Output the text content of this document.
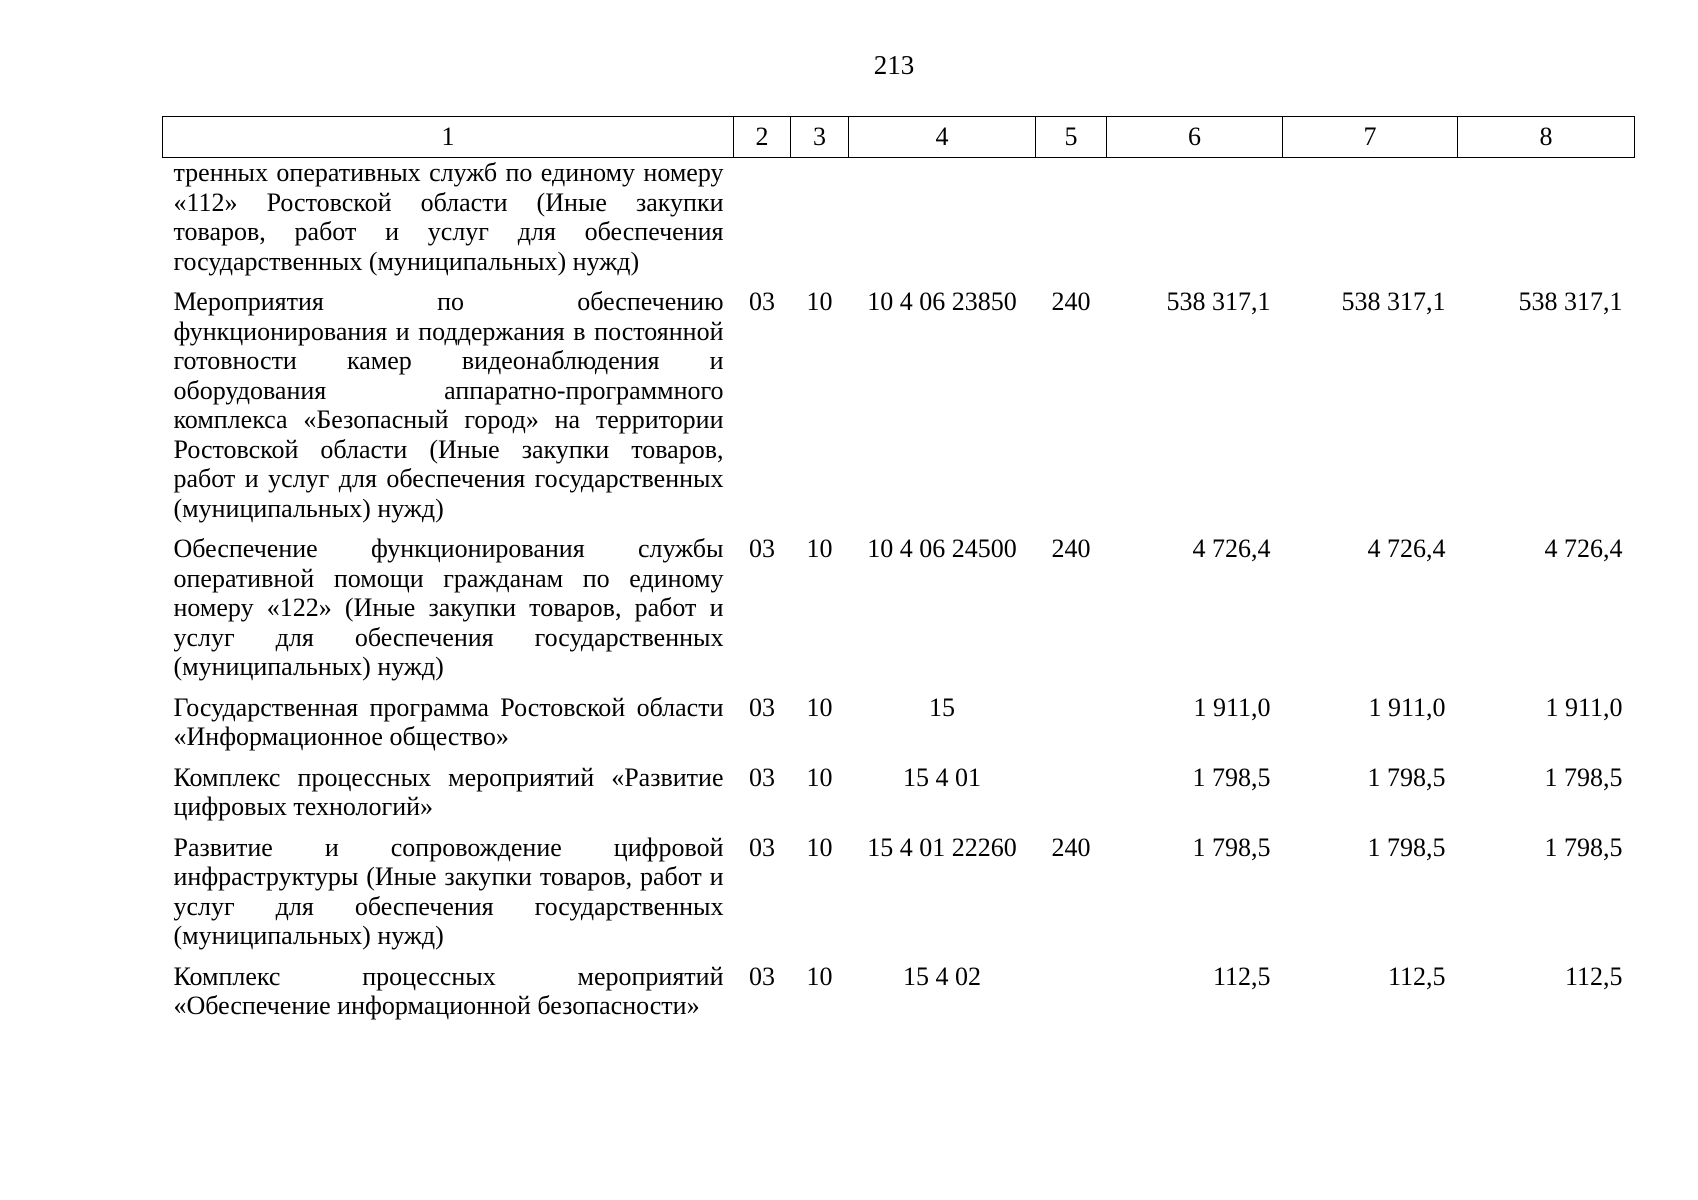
213
1	2	3	4	5	6	7	8
тренных оперативных служб по единому номеру «112» Ростовской области (Иные закупки товаров, работ и услуг для обеспечения государственных (муниципальных) нужд)							
Мероприятия по обеспечению функционирования и поддержания в постоянной готовности камер видеонаблюдения и оборудования аппаратно-программного комплекса «Безопасный город» на территории Ростовской области (Иные закупки товаров, работ и услуг для обеспечения государственных (муниципальных) нужд)	03	10	10 4 06 23850	240	538 317,1	538 317,1	538 317,1
Обеспечение функционирования службы оперативной помощи гражданам по единому номеру «122» (Иные закупки товаров, работ и услуг для обеспечения государственных (муниципальных) нужд)	03	10	10 4 06 24500	240	4 726,4	4 726,4	4 726,4
Государственная программа Ростовской области «Информационное общество»	03	10	15		1 911,0	1 911,0	1 911,0
Комплекс процессных мероприятий «Развитие цифровых технологий»	03	10	15 4 01		1 798,5	1 798,5	1 798,5
Развитие и сопровождение цифровой инфраструктуры (Иные закупки товаров, работ и услуг для обеспечения государственных (муниципальных) нужд)	03	10	15 4 01 22260	240	1 798,5	1 798,5	1 798,5
Комплекс процессных мероприятий «Обеспечение информационной безопасности»	03	10	15 4 02		112,5	112,5	112,5
